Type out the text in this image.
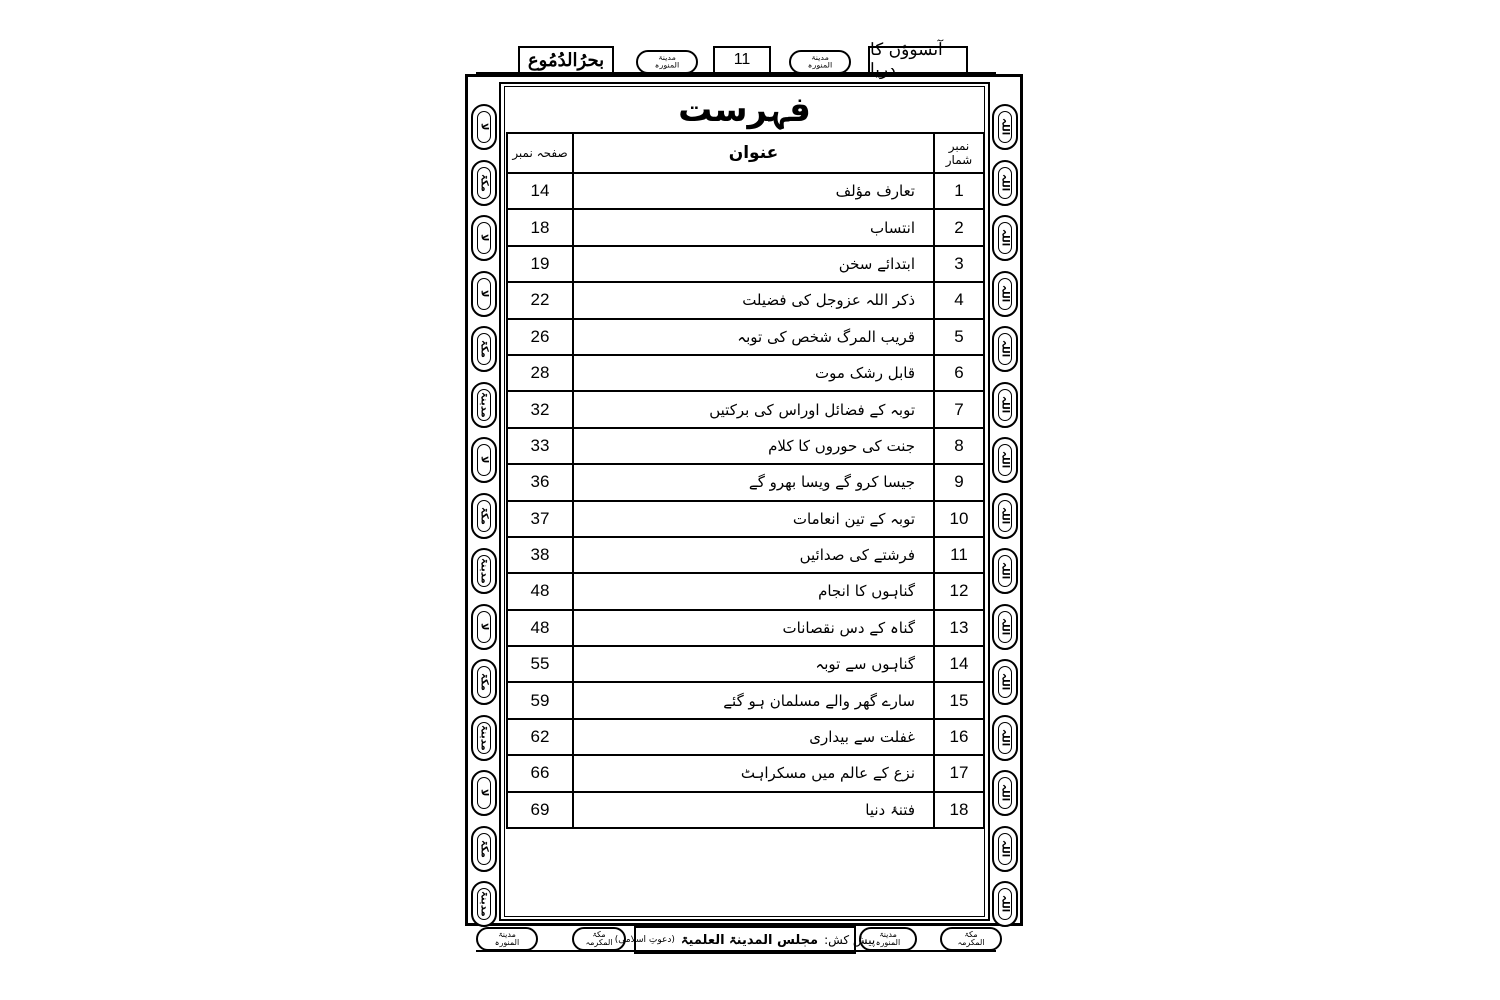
بحرُالدُمُوع	مدینۃ
المنورہ	11	مدینۃ
المنورہ
آنسوؤں کا دریا
لا
مکۃ
لا
لا
مکۃ
مدینۃ
لا
مکۃ
مدینۃ
لا
مکۃ
مدینۃ
لا
مکۃ
مدینۃ
اللہ
اللہ
اللہ
اللہ
اللہ
اللہ
اللہ
اللہ
اللہ
اللہ
اللہ
اللہ
اللہ
اللہ
اللہ
فہرست
صفحہ نمبر	عنوان	نمبر شمار
14	تعارف مؤلف	1
18	انتساب	2
19	ابتدائے سخن	3
22	ذکر اللہ عزوجل کی فضیلت	4
26	قریب المرگ شخص کی توبہ	5
28	قابل رشک موت	6
32	توبہ کے فضائل اوراس کی برکتیں	7
33	جنت کی حوروں کا کلام	8
36	جیسا کرو گے ویسا بھرو گے	9
37	توبہ کے تین انعامات	10
38	فرشتے کی صدائیں	11
48	گناہوں کا انجام	12
48	گناہ کے دس نقصانات	13
55	گناہوں سے توبہ	14
59	سارے گھر والے مسلمان ہو گئے	15
62	غفلت سے بیداری	16
66	نزع کے عالم میں مسکراہٹ	17
69	فتنۂ دنیا	18
مدینۃ
المنورہ
مکۃ
المکرمہ	پیش کش:
مجلس المدینۃ العلمیۃ
(دعوتِ اسلامی)
مدینۃ
المنورہ
مکۃ
المکرمہ
